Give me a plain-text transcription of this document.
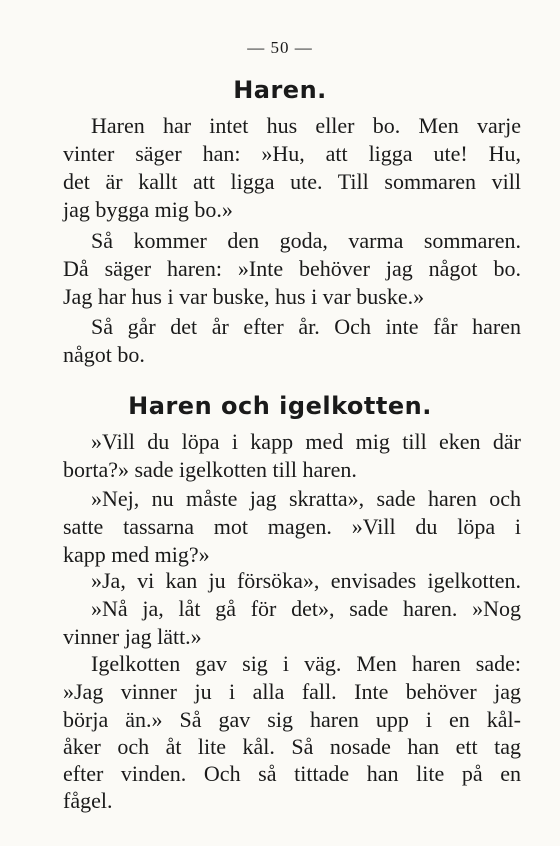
— 50 —
Haren.
Haren har intet hus eller bo. Men varje
vinter säger han: »Hu, att ligga ute! Hu,
det är kallt att ligga ute. Till sommaren vill
jag bygga mig bo.»
Så kommer den goda, varma sommaren.
Då säger haren: »Inte behöver jag något bo.
Jag har hus i var buske, hus i var buske.»
Så går det år efter år. Och inte får haren
något bo.
Haren och igelkotten.
»Vill du löpa i kapp med mig till eken där
borta?» sade igelkotten till haren.
»Nej, nu måste jag skratta», sade haren och
satte tassarna mot magen. »Vill du löpa i
kapp med mig?»
»Ja, vi kan ju försöka», envisades igelkotten.
»Nå ja, låt gå för det», sade haren. »Nog
vinner jag lätt.»
Igelkotten gav sig i väg. Men haren sade:
»Jag vinner ju i alla fall. Inte behöver jag
börja än.» Så gav sig haren upp i en kål-
åker och åt lite kål. Så nosade han ett tag
efter vinden. Och så tittade han lite på en
fågel.
